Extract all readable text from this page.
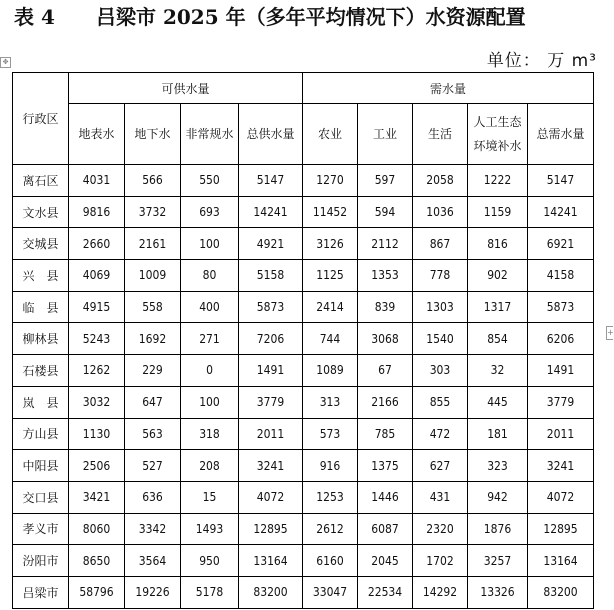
表 4 吕梁市 2025 年（多年平均情况下）水资源配置
✥
+
单位： 万 m³
行政区	可供水量				需水量				
	地表水	地下水	非常规水	总供水量	农业	工业	生活	人工生态环境补水	总需水量
离石区	4031	566	550	5147	1270	597	2058	1222	5147
文水县	9816	3732	693	14241	11452	594	1036	1159	14241
交城县	2660	2161	100	4921	3126	2112	867	816	6921
兴　县	4069	1009	80	5158	1125	1353	778	902	4158
临　县	4915	558	400	5873	2414	839	1303	1317	5873
柳林县	5243	1692	271	7206	744	3068	1540	854	6206
石楼县	1262	229	0	1491	1089	67	303	32	1491
岚　县	3032	647	100	3779	313	2166	855	445	3779
方山县	1130	563	318	2011	573	785	472	181	2011
中阳县	2506	527	208	3241	916	1375	627	323	3241
交口县	3421	636	15	4072	1253	1446	431	942	4072
孝义市	8060	3342	1493	12895	2612	6087	2320	1876	12895
汾阳市	8650	3564	950	13164	6160	2045	1702	3257	13164
吕梁市	58796	19226	5178	83200	33047	22534	14292	13326	83200
